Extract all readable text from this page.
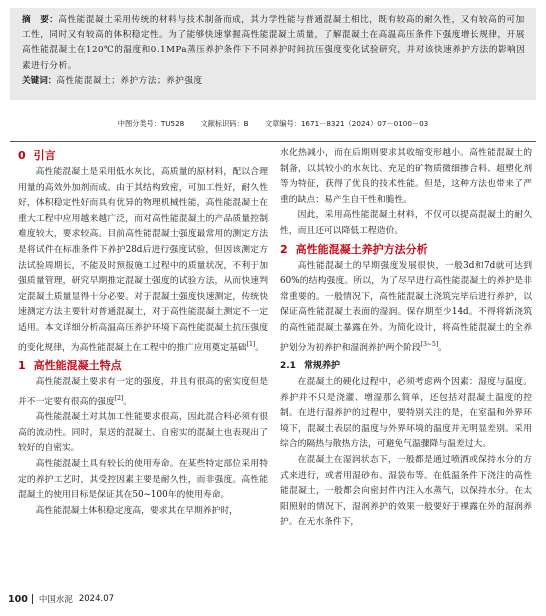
摘　要：高性能混凝土采用传统的材料与技术制备而成，其力学性能与普通混凝土相比，既有较高的耐久性，又有较高的可加工性，同时又有较高的体积稳定性。为了能够快速掌握高性能混凝土质量，了解混凝土在高温高压条件下强度增长规律，开展高性能混凝土在120℃的温度和0.1MPa蒸压养护条件下不同养护时间抗压强度变化试验研究，并对该快速养护方法的影响因素进行分析。
关键词：高性能混凝土；养护方法；养护强度
中图分类号：TU528 文献标识码：B 文章编号：1671－8321（2024）07－0100－03
0 引言

高性能混凝土是采用低水灰比，高质量的原材料，配以合理用量的高效外加剂而成。由于其结构致密，可加工性好，耐久性好，体积稳定性好而具有优异的物理机械性能，高性能混凝土在重大工程中应用越来越广泛，而对高性能混凝土的产品质量控制难度较大，要求较高。目前高性能混凝土强度最常用的测定方法是将试件在标准条件下养护28d后进行强度试验，但因该测定方法试验周期长，不能及时预报施工过程中的质量状况，不利于加强质量管理，研究早期推定混凝土强度的试验方法，从而快速判定混凝土质量显得十分必要。对于混凝土强度快速测定，传统快速测定方法主要针对普通混凝土，对于高性能混凝土测定不一定适用。本文详细分析高温高压养护环境下高性能混凝土抗压强度的变化规律，为高性能混凝土在工程中的推广应用奠定基础[1]。

1 高性能混凝土特点

高性能混凝土要求有一定的强度，并且有很高的密实度但是并不一定要有很高的强度[2]。

高性能混凝土对其加工性能要求很高，因此混合料必须有很高的流动性。同时，泵送的混凝土、自密实的混凝土也表现出了较好的自密实。

高性能混凝土具有较长的使用寿命。在某些特定部位采用特定的养护工艺时，其受控因素主要是耐久性，而非强度。高性能混凝土的使用目标是保证其在50~100年的使用寿命。

高性能混凝土体积稳定度高，要求其在早期养护时，

水化热减小，而在后期则要求其收缩变形越小。高性能混凝土的制备，以其较小的水灰比、充足的矿物质微细掺合料、超塑化剂等为特征，获得了优良的技术性能。但是，这种方法也带来了严重的缺点：易产生自干性和脆性。

因此，采用高性能混凝土材料，不仅可以提高混凝土的耐久性，而且还可以降低工程造价。

2 高性能混凝土养护方法分析

高性能混凝土的早期强度发展很快，一般3d和7d就可达到60%的结构强度。所以，为了尽早进行高性能混凝土的养护是非常重要的。一般情况下，高性能混凝土浇筑完毕后进行养护，以保证高性能混凝土表面的湿润。保存期至少14d。不得将新浇筑的高性能混凝土暴露在外。为简化设计，将高性能混凝土的全养护划分为初养护和湿润养护两个阶段[3~5]。

2.1 常规养护

在混凝土的硬化过程中，必须考虑两个因素：湿度与温度。养护并不只是浇灌、增湿那么简单，还包括对混凝土温度的控制。在进行湿养护的过程中，要特别关注的是，在室温和外界环境下，混凝土表层的温度与外界环境的温度并无明显差别。采用综合的隔热与散热方法，可避免气温骤降与温差过大。

在混凝土在湿润状态下，一般都是通过喷洒或保持水分的方式来进行，或者用湿砂布、湿袋布等。在低温条件下浇注的高性能混凝土，一般都会向密封件内注入水蒸气，以保持水分。在太阳照射的情况下，湿润养护的效果一般要好于裸露在外的湿润养护。在无水条件下，

100 中国水泥 2024.07
